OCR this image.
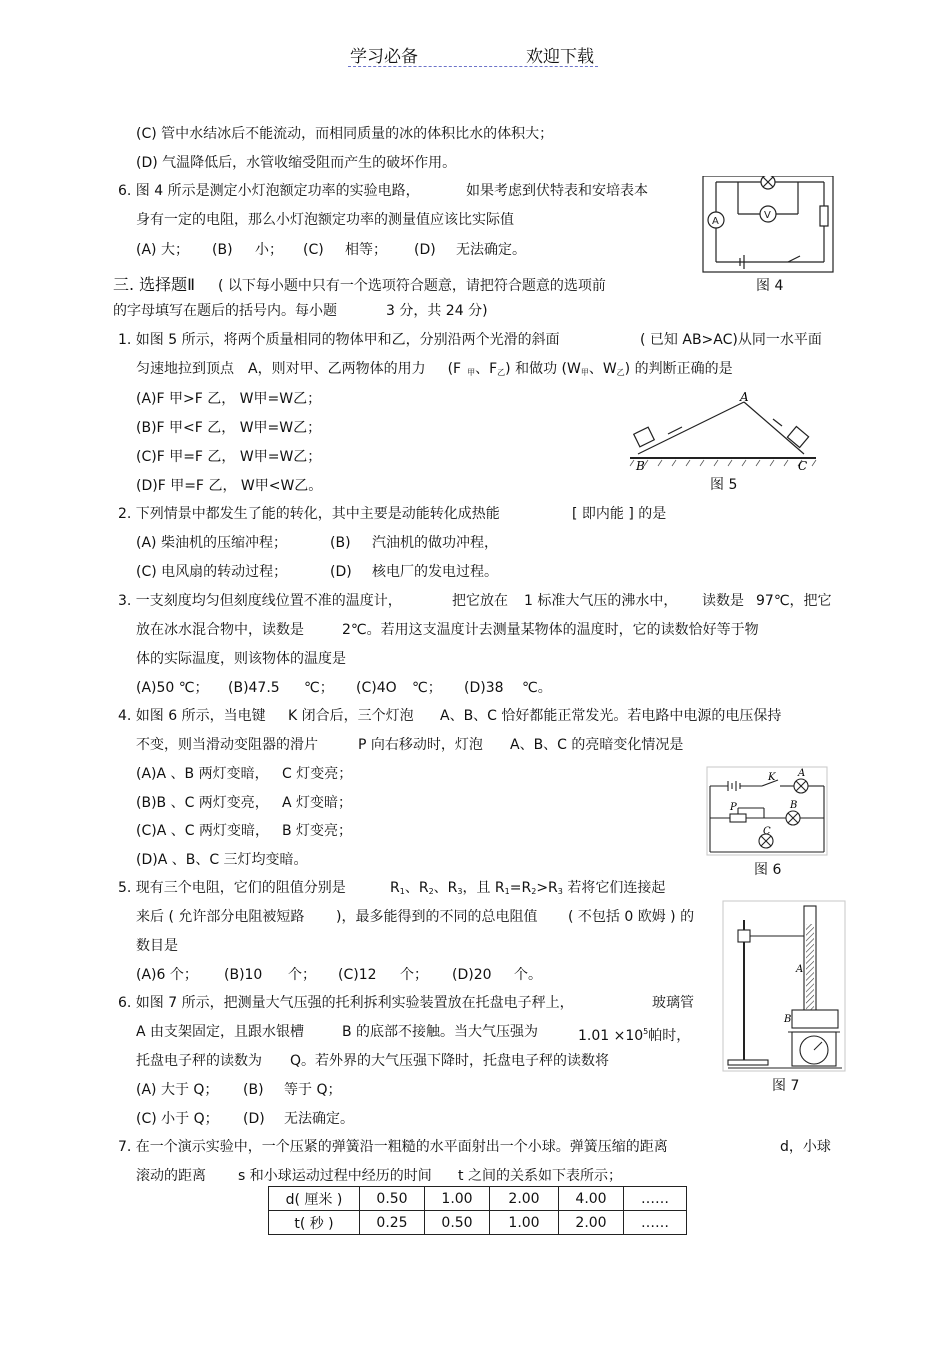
学习必备	欢迎下载
(C) 管中水结冰后不能流动，而相同质量的冰的体积比水的体积大；
(D) 气温降低后，水管收缩受阻而产生的破坏作用。
6. 图 4 所示是测定小灯泡额定功率的实验电路，	如果考虑到伏特表和安培表本
身有一定的电阻，那么小灯泡额定功率的测量值应该比实际值
(A) 大； (B) 小； (C) 相等； (D) 无法确定。
A
V
图 4
三. 选择题Ⅱ ( 以下每小题中只有一个选项符合题意，请把符合题意的选项前
的字母填写在题后的括号内。每小题	3 分，共 24 分)
1. 如图 5 所示，将两个质量相同的物体甲和乙，分别沿两个光滑的斜面	( 已知 AB>AC)从同一水平面
匀速地拉到顶点 A，则对甲、乙两物体的用力 (F $_甲$、$F_乙$) 和做功 ($W_甲$、$W_乙$) 的判断正确的是
(A)F 甲>F 乙， W甲=W乙；
(B)F 甲<F 乙， W甲=W乙；
(C)F 甲=F 乙， W甲=W乙；
(D)F 甲=F 乙， W甲<W乙。
A
B	C
图 5
2. 下列情景中都发生了能的转化，其中主要是动能转化成热能	[ 即内能 ] 的是
(A) 柴油机的压缩冲程；	(B) 汽油机的做功冲程，
(C) 电风扇的转动过程；	(D) 核电厂的发电过程。
3. 一支刻度均匀但刻度线位置不准的温度计，	把它放在 1 标准大气压的沸水中， 读数是 97℃，把它
放在冰水混合物中，读数是	2℃。若用这支温度计去测量某物体的温度时，它的读数恰好等于物
体的实际温度，则该物体的温度是
(A)50 ℃； (B)47.5 ℃； (C)4O ℃； (D)38 ℃。
4. 如图 6 所示，当电键 K 闭合后，三个灯泡 A、B、C 恰好都能正常发光。若电路中电源的电压保持
不变，则当滑动变阻器的滑片	P 向右移动时，灯泡 A、B、C 的亮暗变化情况是
(A)A 、B 两灯变暗， C 灯变亮；
(B)B 、C 两灯变亮， A 灯变暗；
(C)A 、C 两灯变暗， B 灯变亮；
(D)A 、B、C 三灯均变暗。
K A
P	B
C
图 6
5. 现有三个电阻，它们的阻值分别是	$R_1$、$R_2$、$R_3$，且 $R_1=R_2>R_3$ 若将它们连接起
来后 ( 允许部分电阻被短路 )，最多能得到的不同的总电阻值 ( 不包括 0 欧姆 ) 的
数目是
(A)6 个； (B)10 个； (C)12 个； (D)20 个。	A
B
图 7
6. 如图 7 所示，把测量大气压强的托利拆利实验装置放在托盘电子秤上，	玻璃管
A 由支架固定，且跟水银槽	B 的底部不接触。当大气压强为	$1.01 \times 10^5$帕时，
托盘电子秤的读数为 Q。若外界的大气压强下降时，托盘电子秤的读数将
(A) 大于 Q； (B) 等于 Q；
(C) 小于 Q； (D) 无法确定。
7. 在一个演示实验中，一个压紧的弹簧沿一粗糙的水平面射出一个小球。弹簧压缩的距离	d，小球
滚动的距离 s 和小球运动过程中经历的时间 t 之间的关系如下表所示；
d( 厘米 )	0.50	1.00	2.00	4.00	……
t( 秒 )	0.25	0.50	1.00	2.00	……
